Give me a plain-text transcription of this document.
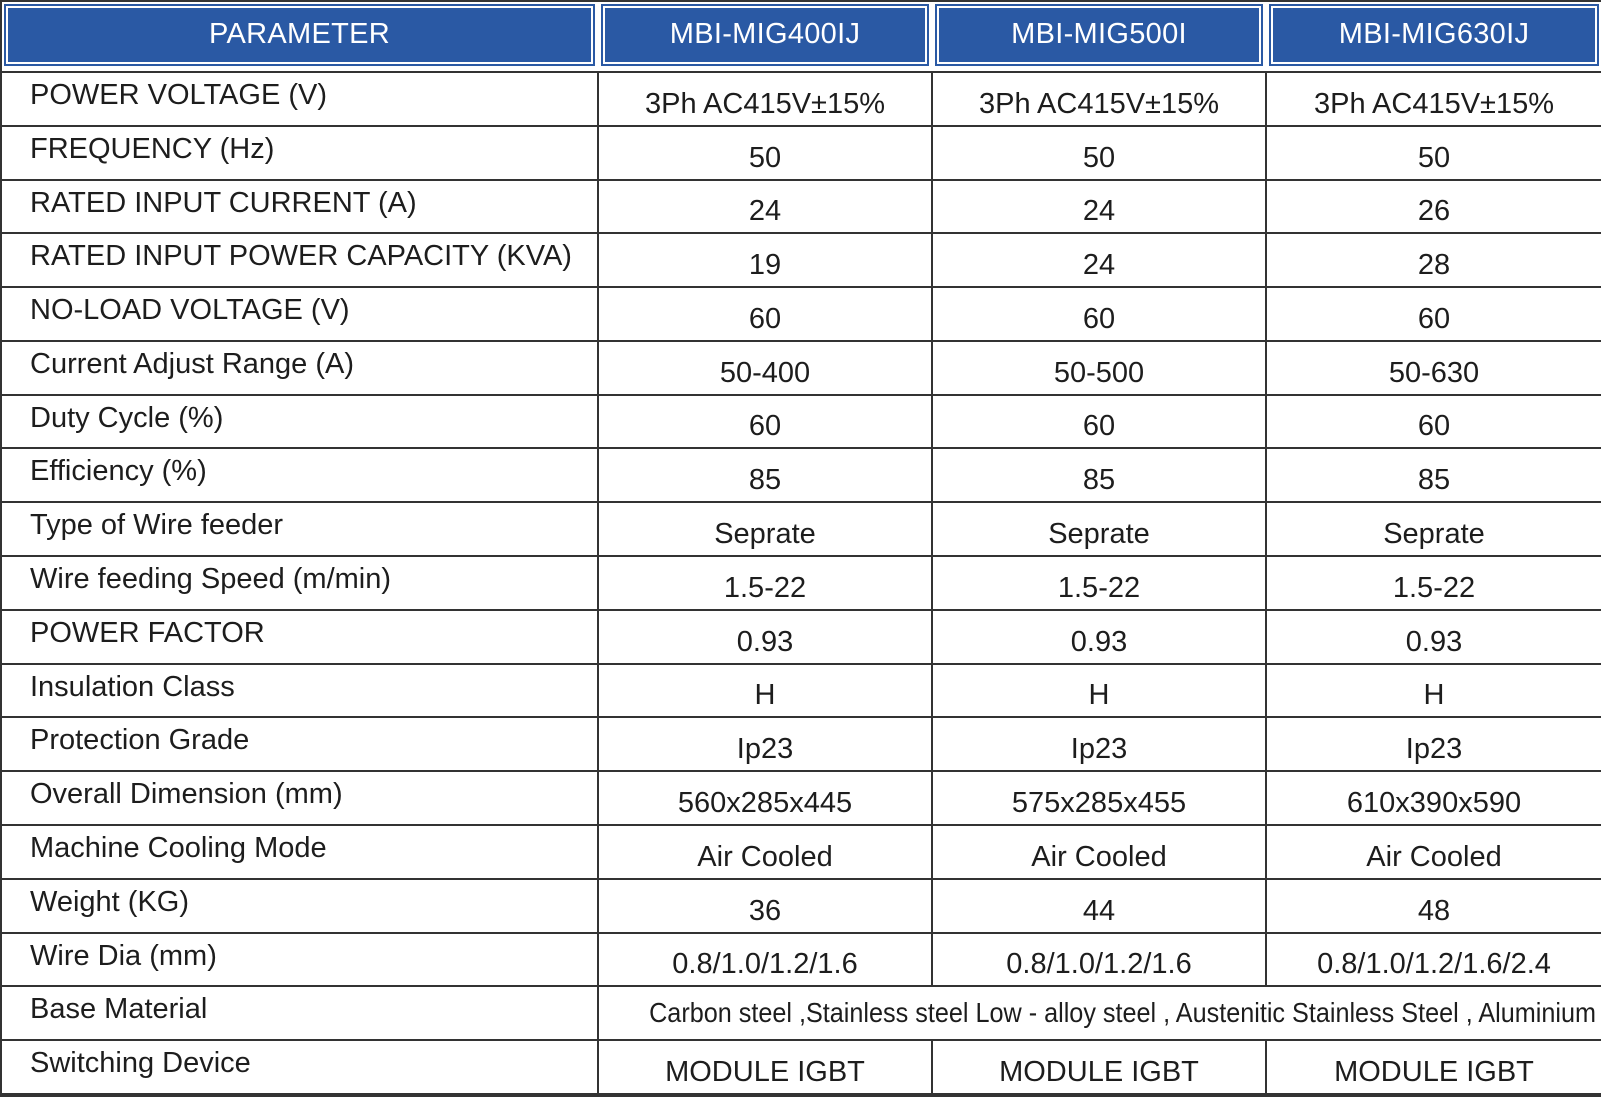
PARAMETER	MBI-MIG400IJ	MBI-MIG500I	MBI-MIG630IJ

POWER VOLTAGE (V)	3Ph AC415V±15%	3Ph AC415V±15%	3Ph AC415V±15%
FREQUENCY (Hz)	50	50	50
RATED INPUT CURRENT (A)	24	24	26
RATED INPUT POWER CAPACITY (KVA)	19	24	28
NO-LOAD VOLTAGE (V)	60	60	60
Current Adjust Range (A)	50-400	50-500	50-630
Duty Cycle (%)	60	60	60
Efficiency (%)	85	85	85
Type of Wire feeder	Seprate	Seprate	Seprate
Wire feeding Speed (m/min)	1.5-22	1.5-22	1.5-22
POWER FACTOR	0.93	0.93	0.93
Insulation Class	H	H	H
Protection Grade	Ip23	Ip23	Ip23
Overall Dimension (mm)	560x285x445	575x285x455	610x390x590
Machine Cooling Mode	Air Cooled	Air Cooled	Air Cooled
Weight (KG)	36	44	48
Wire Dia (mm)	0.8/1.0/1.2/1.6	0.8/1.0/1.2/1.6	0.8/1.0/1.2/1.6/2.4
Base Material	Carbon steel ,Stainless steel Low - alloy steel , Austenitic Stainless Steel , Aluminium		

Switching Device	MODULE IGBT	MODULE IGBT	MODULE IGBT
